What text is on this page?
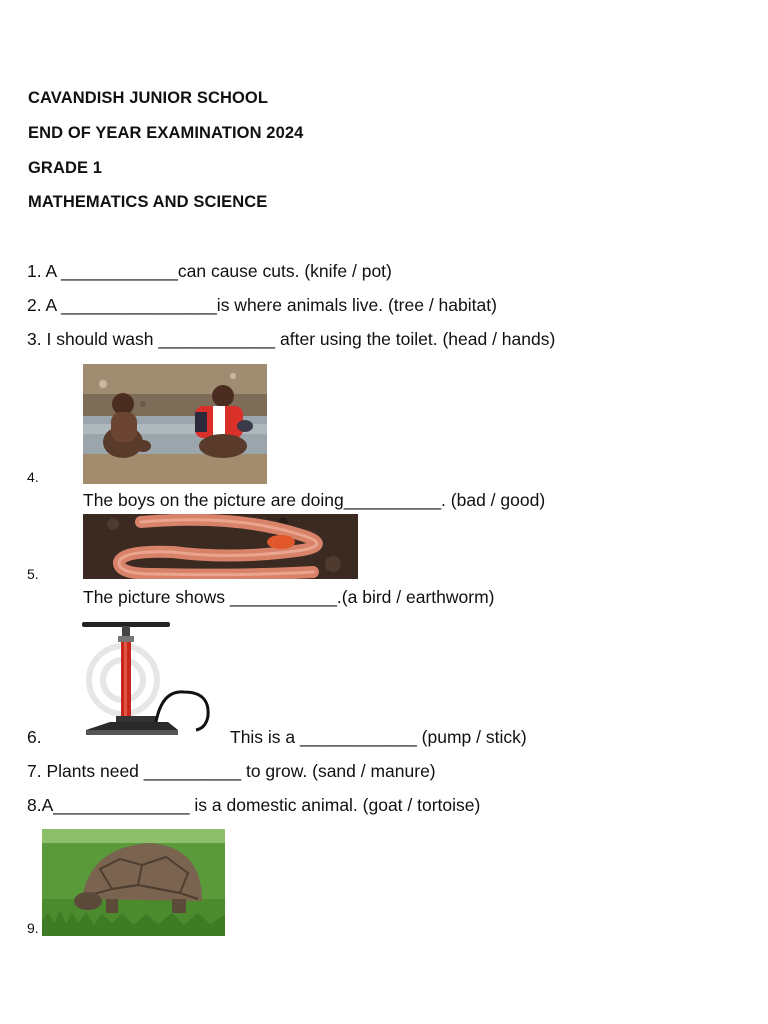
CAVANDISH JUNIOR SCHOOL
END OF YEAR EXAMINATION 2024
GRADE 1
MATHEMATICS AND SCIENCE
1. A ____________can cause cuts. (knife / pot)
2. A ________________is where animals live. (tree / habitat)
3. I should wash ____________ after using the toilet. (head / hands)
4.
The boys on the picture are doing__________. (bad / good)
5.
The picture shows ___________.(a bird / earthworm)
6.	This is a ____________ (pump / stick)
7. Plants need __________ to grow. (sand / manure)
8.A______________ is a domestic animal. (goat / tortoise)
9.
